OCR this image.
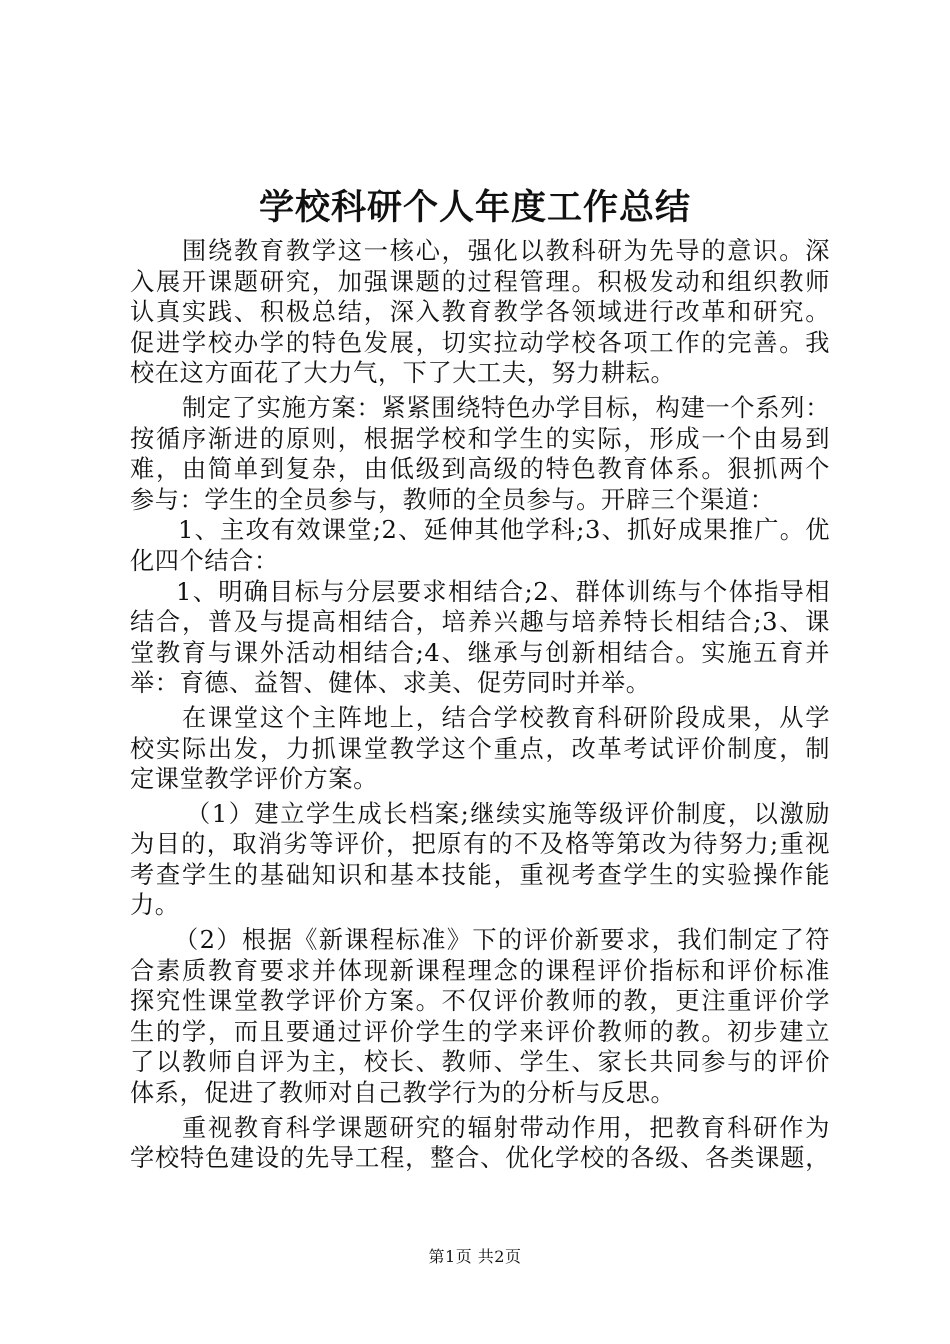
学校科研个人年度工作总结
围绕教育教学这一核心，强化以教科研为先导的意识。深
入展开课题研究，加强课题的过程管理。积极发动和组织教师
认真实践、积极总结，深入教育教学各领域进行改革和研究。
促进学校办学的特色发展，切实拉动学校各项工作的完善。我
校在这方面花了大力气，下了大工夫，努力耕耘。
制定了实施方案：紧紧围绕特色办学目标，构建一个系列：
按循序渐进的原则，根据学校和学生的实际，形成一个由易到
难，由简单到复杂，由低级到高级的特色教育体系。狠抓两个
参与：学生的全员参与，教师的全员参与。开辟三个渠道：
1、主攻有效课堂;2、延伸其他学科;3、抓好成果推广。优
化四个结合：
1、明确目标与分层要求相结合;2、群体训练与个体指导相
结合，普及与提高相结合，培养兴趣与培养特长相结合;3、课
堂教育与课外活动相结合;4、继承与创新相结合。实施五育并
举：育德、益智、健体、求美、促劳同时并举。
在课堂这个主阵地上，结合学校教育科研阶段成果，从学
校实际出发，力抓课堂教学这个重点，改革考试评价制度，制
定课堂教学评价方案。
（1）建立学生成长档案;继续实施等级评价制度，以激励
为目的，取消劣等评价，把原有的不及格等第改为待努力;重视
考查学生的基础知识和基本技能，重视考查学生的实验操作能
力。
（2）根据《新课程标准》下的评价新要求，我们制定了符
合素质教育要求并体现新课程理念的课程评价指标和评价标准
探究性课堂教学评价方案。不仅评价教师的教，更注重评价学
生的学，而且要通过评价学生的学来评价教师的教。初步建立
了以教师自评为主，校长、教师、学生、家长共同参与的评价
体系，促进了教师对自己教学行为的分析与反思。
重视教育科学课题研究的辐射带动作用，把教育科研作为
学校特色建设的先导工程，整合、优化学校的各级、各类课题，
第1页 共2页
